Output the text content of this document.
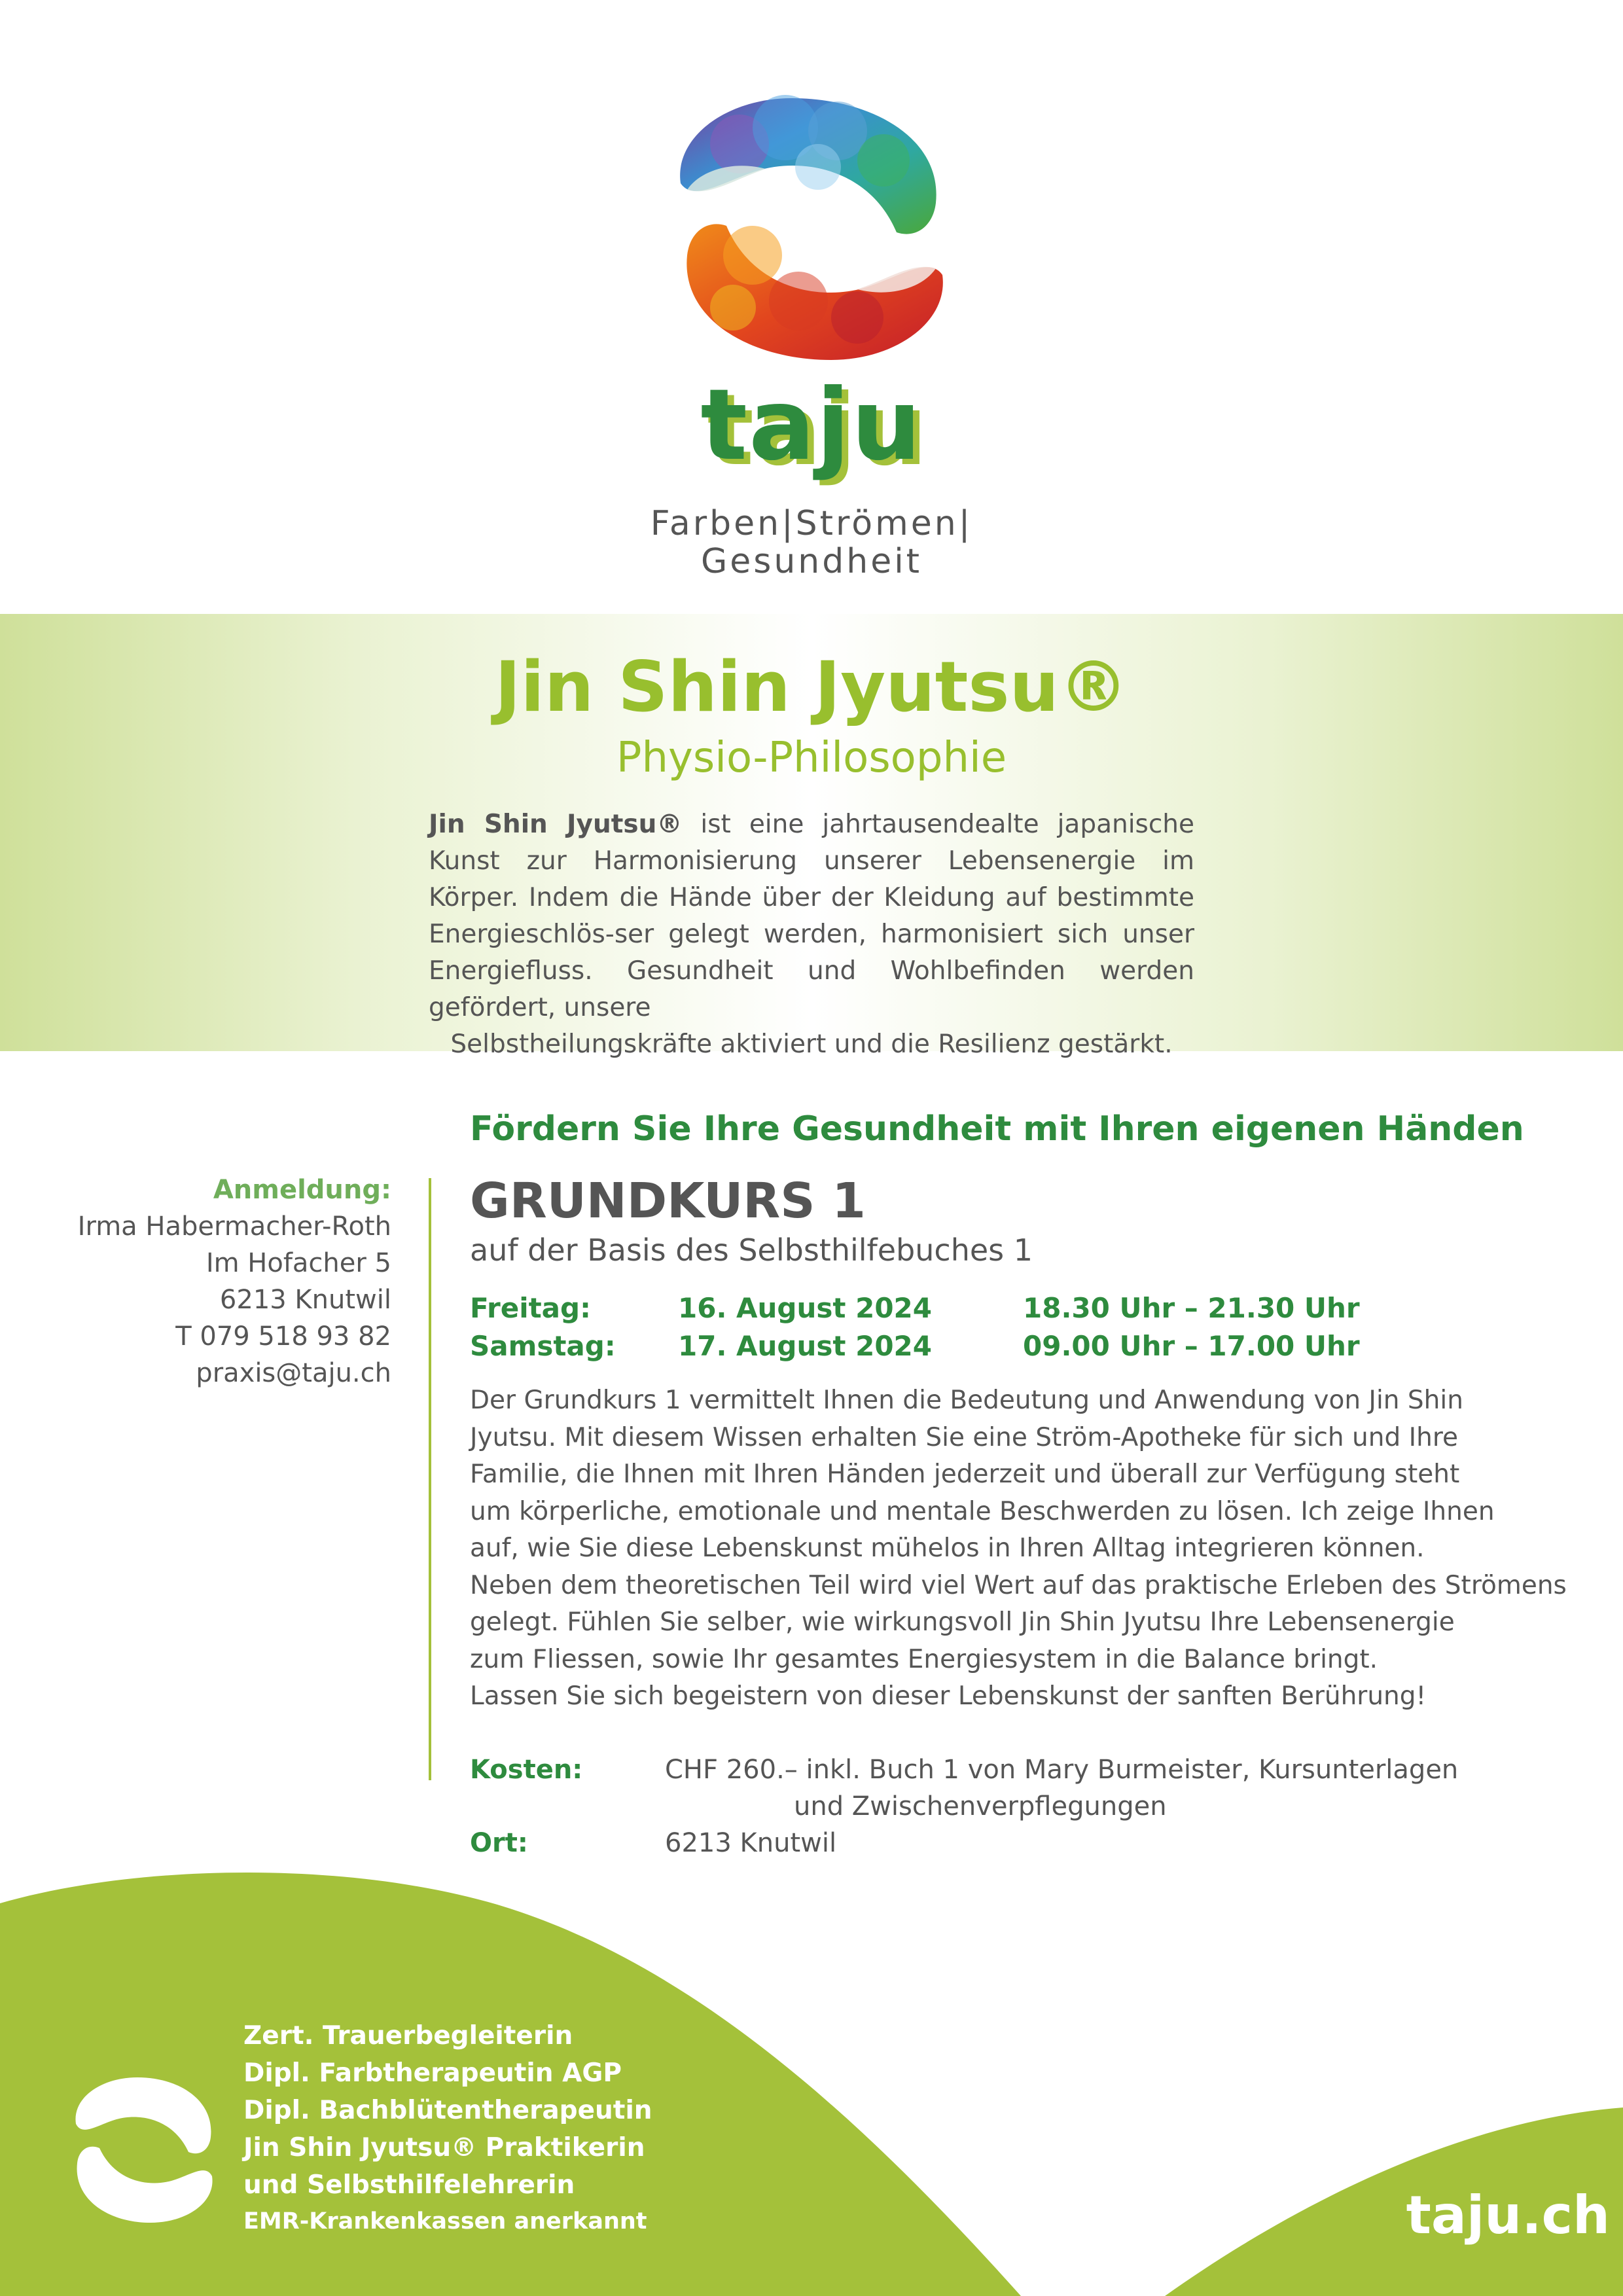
taju
Farben|Strömen|
Gesundheit
Jin Shin Jyutsu®
Physio-Philosophie
Jin Shin Jyutsu® ist eine jahrtausendealte japanische Kunst zur Harmonisierung unserer Lebensenergie im Körper. Indem die Hände über der Kleidung auf bestimmte Energieschlös-ser gelegt werden, harmonisiert sich unser Energiefluss. Gesundheit und Wohlbefinden werden gefördert, unsere
Selbstheilungskräfte aktiviert und die Resilienz gestärkt.
Fördern Sie Ihre Gesundheit mit Ihren eigenen Händen
Anmeldung:
Irma Habermacher-Roth
Im Hofacher 5
6213 Knutwil
T 079 518 93 82
praxis@taju.ch
GRUNDKURS 1
auf der Basis des Selbsthilfebuches 1
Freitag:	16. August 2024	18.30 Uhr – 21.30 Uhr
Samstag: 17. August 2024	09.00 Uhr – 17.00 Uhr
Der Grundkurs 1 vermittelt Ihnen die Bedeutung und Anwendung von Jin Shin
Jyutsu. Mit diesem Wissen erhalten Sie eine Ström-Apotheke für sich und Ihre
Familie, die Ihnen mit Ihren Händen jederzeit und überall zur Verfügung steht
um körperliche, emotionale und mentale Beschwerden zu lösen. Ich zeige Ihnen
auf, wie Sie diese Lebenskunst mühelos in Ihren Alltag integrieren können.
Neben dem theoretischen Teil wird viel Wert auf das praktische Erleben des Strömens
gelegt. Fühlen Sie selber, wie wirkungsvoll Jin Shin Jyutsu Ihre Lebensenergie
zum Fliessen, sowie Ihr gesamtes Energiesystem in die Balance bringt.
Lassen Sie sich begeistern von dieser Lebenskunst der sanften Berührung!
Kosten:	CHF 260.– inkl. Buch 1 von Mary Burmeister, Kursunterlagen
und Zwischenverpflegungen
Ort:	6213 Knutwil
Zert. Trauerbegleiterin
Dipl. Farbtherapeutin AGP
Dipl. Bachblütentherapeutin
Jin Shin Jyutsu® Praktikerin
und Selbsthilfelehrerin
EMR-Krankenkassen anerkannt	taju.ch
